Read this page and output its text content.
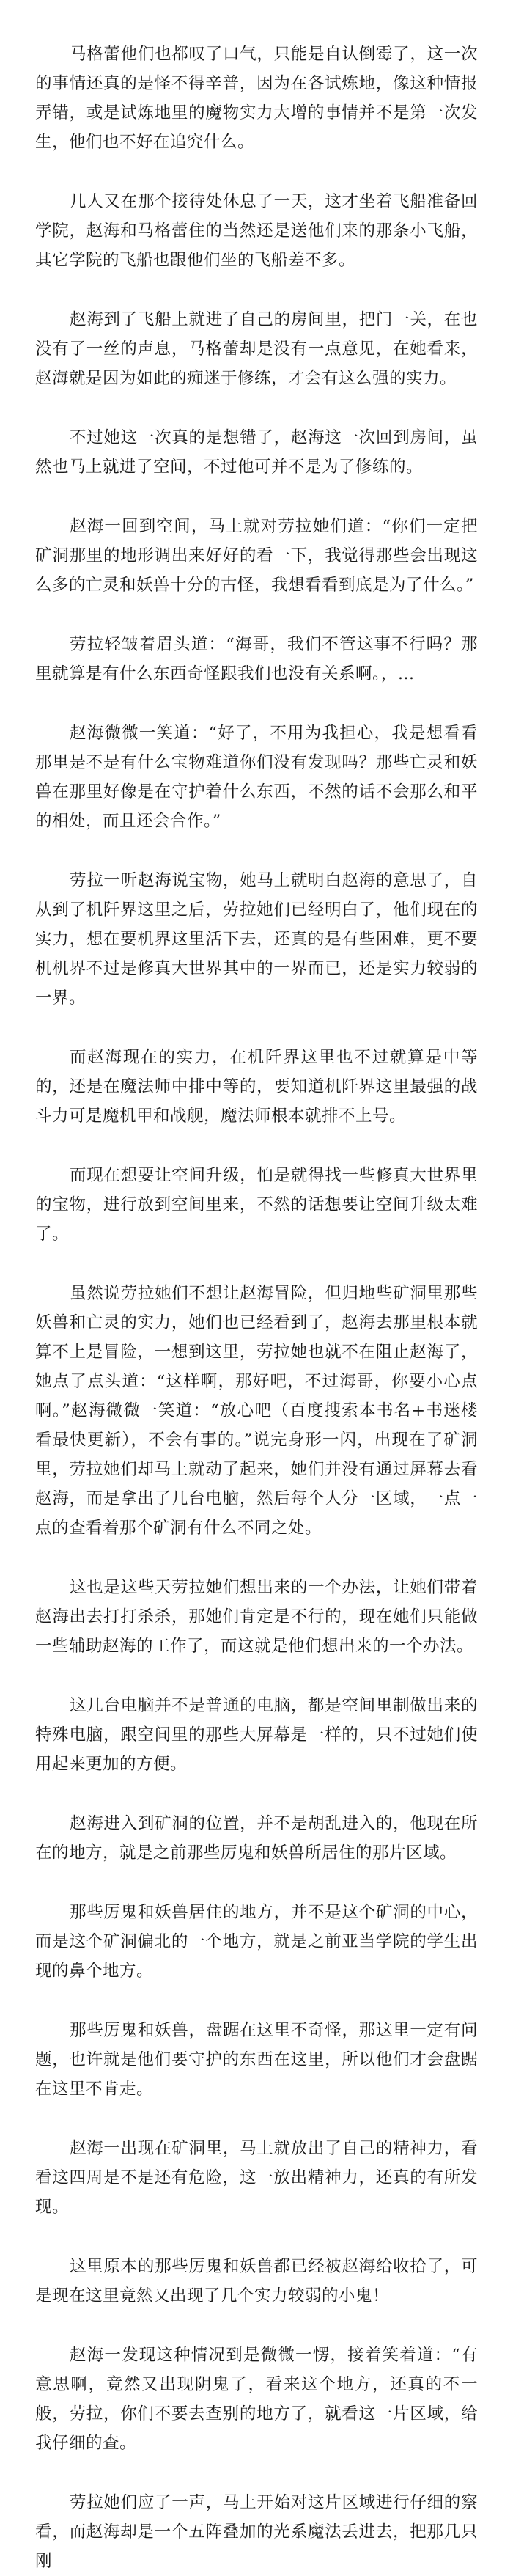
马格蕾他们也都叹了口气，只能是自认倒霉了，这一次的事情还真的是怪不得辛普，因为在各试炼地，像这种情报弄错，或是试炼地里的魔物实力大增的事情并不是第一次发生，他们也不好在追究什么。

几人又在那个接待处休息了一天，这才坐着飞船准备回学院，赵海和马格蕾住的当然还是送他们来的那条小飞船，其它学院的飞船也跟他们坐的飞船差不多。

赵海到了飞船上就进了自己的房间里，把门一关，在也没有了一丝的声息，马格蕾却是没有一点意见，在她看来，赵海就是因为如此的痴迷于修练，才会有这么强的实力。

不过她这一次真的是想错了，赵海这一次回到房间，虽然也马上就进了空间，不过他可并不是为了修练的。

赵海一回到空间，马上就对劳拉她们道：“你们一定把矿洞那里的地形调出来好好的看一下，我觉得那些会出现这么多的亡灵和妖兽十分的古怪，我想看看到底是为了什么。”

劳拉轻皱着眉头道：“海哥，我们不管这事不行吗？那里就算是有什么东西奇怪跟我们也没有关系啊。，…

赵海微微一笑道：“好了，不用为我担心，我是想看看那里是不是有什么宝物难道你们没有发现吗？那些亡灵和妖兽在那里好像是在守护着什么东西，不然的话不会那么和平的相处，而且还会合作。”

劳拉一听赵海说宝物，她马上就明白赵海的意思了，自从到了机阡界这里之后，劳拉她们已经明白了，他们现在的实力，想在要机界这里活下去，还真的是有些困难，更不要机机界不过是修真大世界其中的一界而已，还是实力较弱的一界。

而赵海现在的实力，在机阡界这里也不过就算是中等的，还是在魔法师中排中等的，要知道机阡界这里最强的战斗力可是魔机甲和战舰，魔法师根本就排不上号。

而现在想要让空间升级，怕是就得找一些修真大世界里的宝物，进行放到空间里来，不然的话想要让空间升级太难了。

虽然说劳拉她们不想让赵海冒险，但归地些矿洞里那些妖兽和亡灵的实力，她们也已经看到了，赵海去那里根本就算不上是冒险，一想到这里，劳拉她也就不在阻止赵海了，她点了点头道：“这样啊，那好吧，不过海哥，你要小心点啊。”赵海微微一笑道：“放心吧（百度搜索本书名+书迷楼 看最快更新），不会有事的。”说完身形一闪，出现在了矿洞里，劳拉她们却马上就动了起来，她们并没有通过屏幕去看赵海，而是拿出了几台电脑，然后每个人分一区域，一点一点的查看着那个矿洞有什么不同之处。

这也是这些天劳拉她们想出来的一个办法，让她们带着赵海出去打打杀杀，那她们肯定是不行的，现在她们只能做一些辅助赵海的工作了，而这就是他们想出来的一个办法。

这几台电脑并不是普通的电脑，都是空间里制做出来的特殊电脑，跟空间里的那些大屏幕是一样的，只不过她们使用起来更加的方便。

赵海进入到矿洞的位置，并不是胡乱进入的，他现在所在的地方，就是之前那些厉鬼和妖兽所居住的那片区域。

那些厉鬼和妖兽居住的地方，并不是这个矿洞的中心，而是这个矿洞偏北的一个地方，就是之前亚当学院的学生出现的鼻个地方。

那些厉鬼和妖兽，盘踞在这里不奇怪，那这里一定有问题，也许就是他们要守护的东西在这里，所以他们才会盘踞在这里不肯走。

赵海一出现在矿洞里，马上就放出了自己的精神力，看看这四周是不是还有危险，这一放出精神力，还真的有所发现。

这里原本的那些厉鬼和妖兽都已经被赵海给收拾了，可是现在这里竟然又出现了几个实力较弱的小鬼！

赵海一发现这种情况到是微微一愣，接着笑着道：“有意思啊，竟然又出现阴鬼了，看来这个地方，还真的不一般，劳拉，你们不要去查别的地方了，就看这一片区域，给我仔细的查。

劳拉她们应了一声，马上开始对这片区域进行仔细的察看，而赵海却是一个五阵叠加的光系魔法丢进去，把那几只刚
